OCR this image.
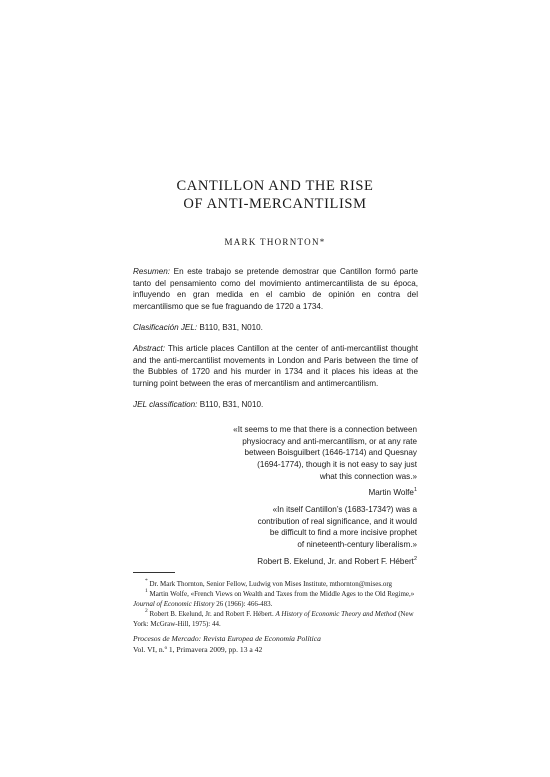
CANTILLON AND THE RISE
OF ANTI-MERCANTILISM
MARK THORNTON*

Resumen: En este trabajo se pretende demostrar que Cantillon formó parte tanto del pensamiento como del movimiento antimercantilista de su época, influyendo en gran medida en el cambio de opinión en contra del mercantilismo que se fue fraguando de 1720 a 1734.

Clasificación JEL: B110, B31, N010.

Abstract: This article places Cantillon at the center of anti-mercantilist thought and the anti-mercantilist movements in London and Paris between the time of the Bubbles of 1720 and his murder in 1734 and it places his ideas at the turning point between the eras of mercantilism and antimercantilism.

JEL classification: B110, B31, N010.

«It seems to me that there is a connection between
physiocracy and anti-mercantilism, or at any rate
between Boisguilbert (1646-1714) and Quesnay
(1694-1774), though it is not easy to say just
what this connection was.»
Martin Wolfe$^1$
«In itself Cantillon’s (1683-1734?) was a
contribution of real significance, and it would
be difficult to find a more incisive prophet
of nineteenth-century liberalism.»
Robert B. Ekelund, Jr. and Robert F. Hébert$^2$

* Dr. Mark Thornton, Senior Fellow, Ludwig von Mises Institute, mthornton@mises.org

$^1$ Martin Wolfe, «French Views on Wealth and Taxes from the Middle Ages to the Old Regime,» Journal of Economic History 26 (1966): 466-483.

$^2$ Robert B. Ekelund, Jr. and Robert F. Hébert. A History of Economic Theory and Method (New York: McGraw-Hill, 1975): 44.

Procesos de Mercado: Revista Europea de Economía Política
Vol. VI, n.º 1, Primavera 2009, pp. 13 a 42
